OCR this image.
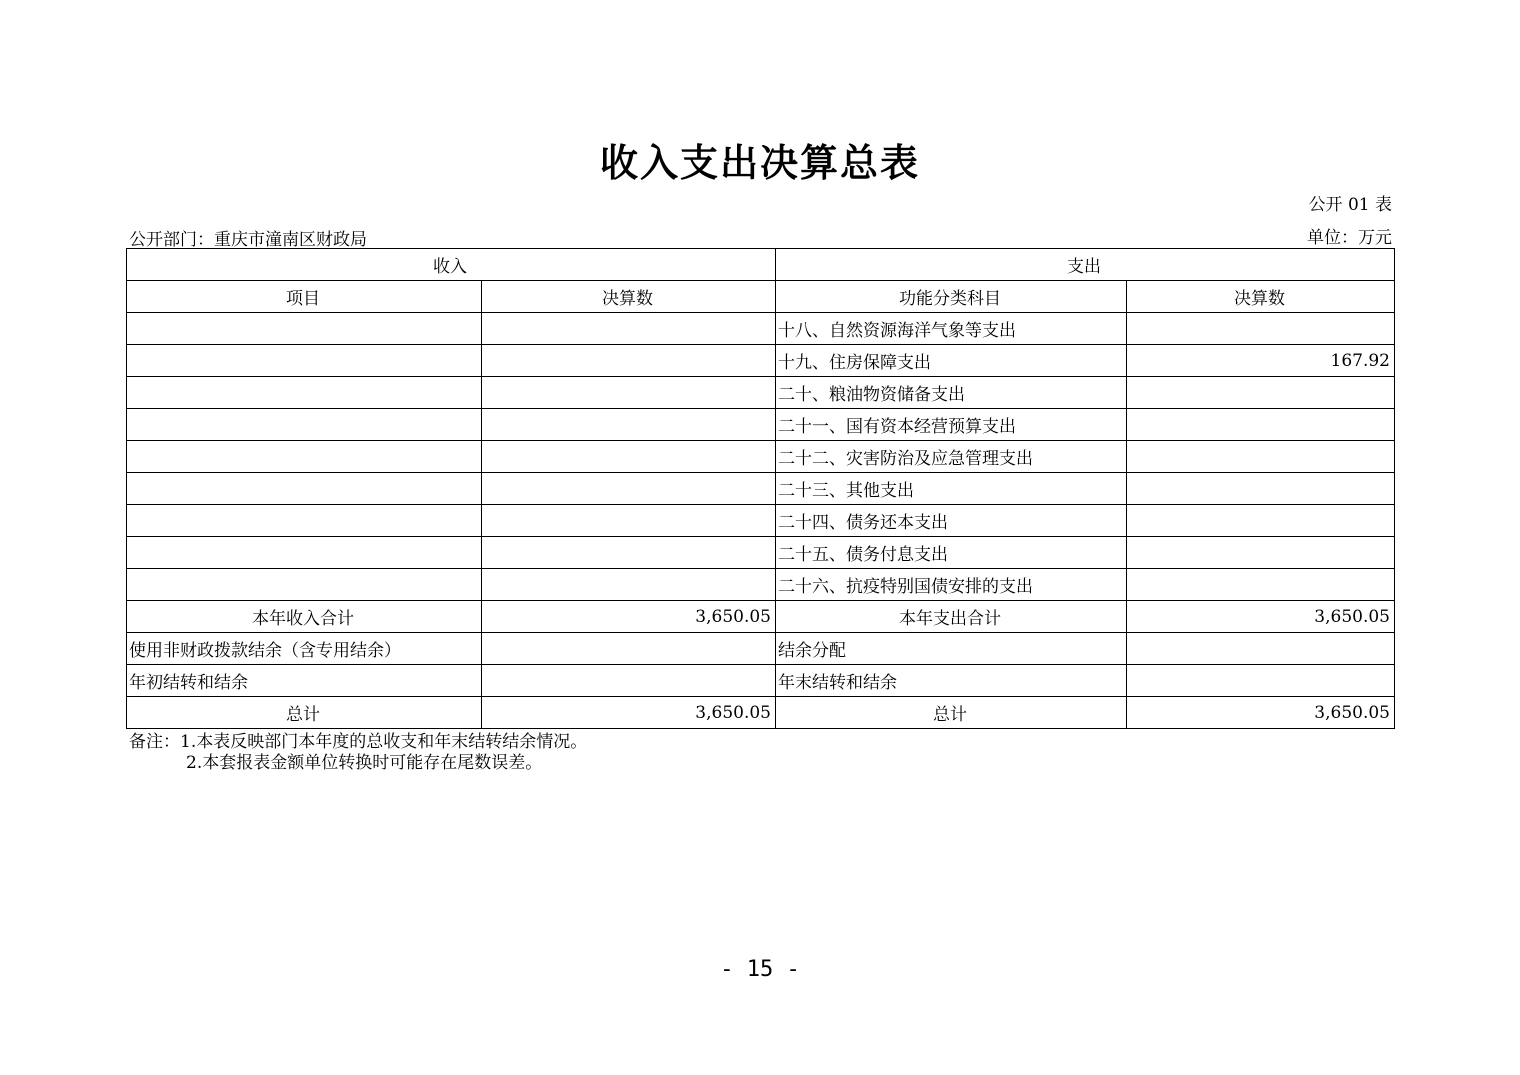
收入支出决算总表
公开 01 表
公开部门：重庆市潼南区财政局	单位：万元
收入		支出	
项目	决算数	功能分类科目	决算数
		十八、自然资源海洋气象等支出	
		十九、住房保障支出	167.92
		二十、粮油物资储备支出	
		二十一、国有资本经营预算支出	
		二十二、灾害防治及应急管理支出	
		二十三、其他支出	
		二十四、债务还本支出	
		二十五、债务付息支出	
		二十六、抗疫特别国债安排的支出	
本年收入合计	3,650.05	本年支出合计	3,650.05
使用非财政拨款结余（含专用结余）		结余分配	
年初结转和结余		年末结转和结余	
总计	3,650.05	总计	3,650.05
备注：1.本表反映部门本年度的总收支和年末结转结余情况。
2.本套报表金额单位转换时可能存在尾数误差。
- 15 -
